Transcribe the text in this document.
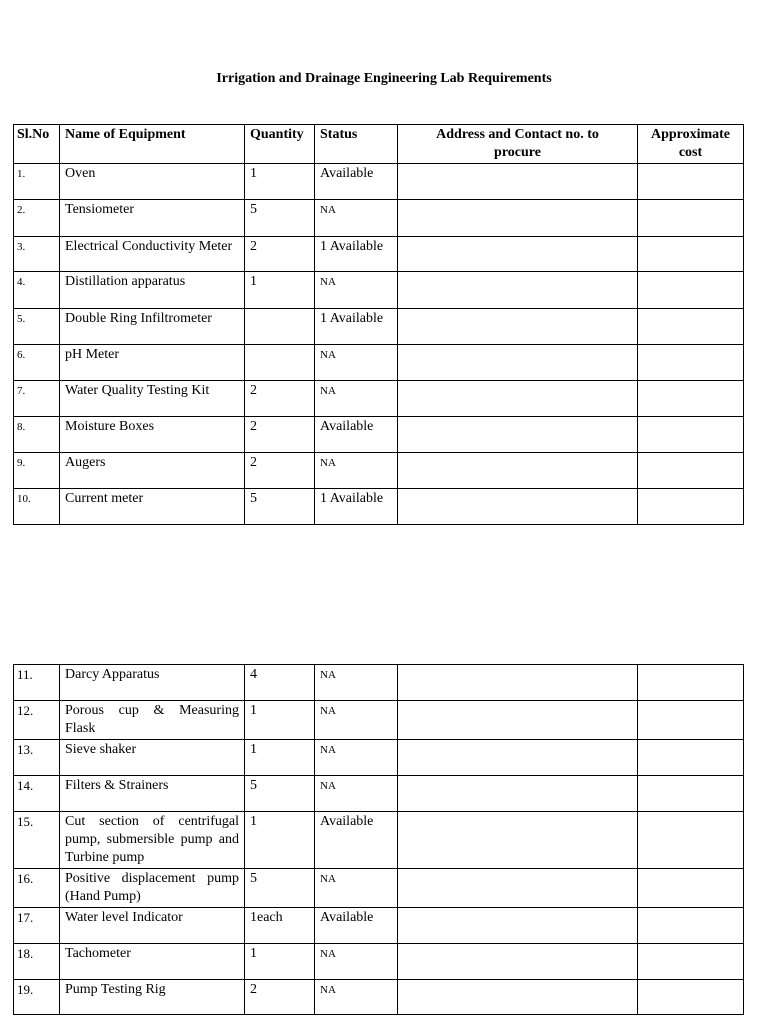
Irrigation and Drainage Engineering Lab Requirements
Sl.No	Name of Equipment	Quantity	Status	Address and Contact no. to procure	Approximate cost
1.	Oven	1	Available		
2.	Tensiometer	5	NA		
3.	Electrical Conductivity Meter	2	1 Available		
4.	Distillation apparatus	1	NA		
5.	Double Ring Infiltrometer		1 Available		
6.	pH Meter		NA		
7.	Water Quality Testing Kit	2	NA		
8.	Moisture Boxes	2	Available		
9.	Augers	2	NA		
10.	Current meter	5	1 Available		
11.	Darcy Apparatus	4	NA		
12.	Porous cup & Measuring Flask	1	NA		
13.	Sieve shaker	1	NA		
14.	Filters & Strainers	5	NA		
15.	Cut section of centrifugal pump, submersible pump and Turbine pump	1	Available		
16.	Positive displacement pump (Hand Pump)	5	NA		
17.	Water level Indicator	1each	Available		
18.	Tachometer	1	NA		
19.	Pump Testing Rig	2	NA		
